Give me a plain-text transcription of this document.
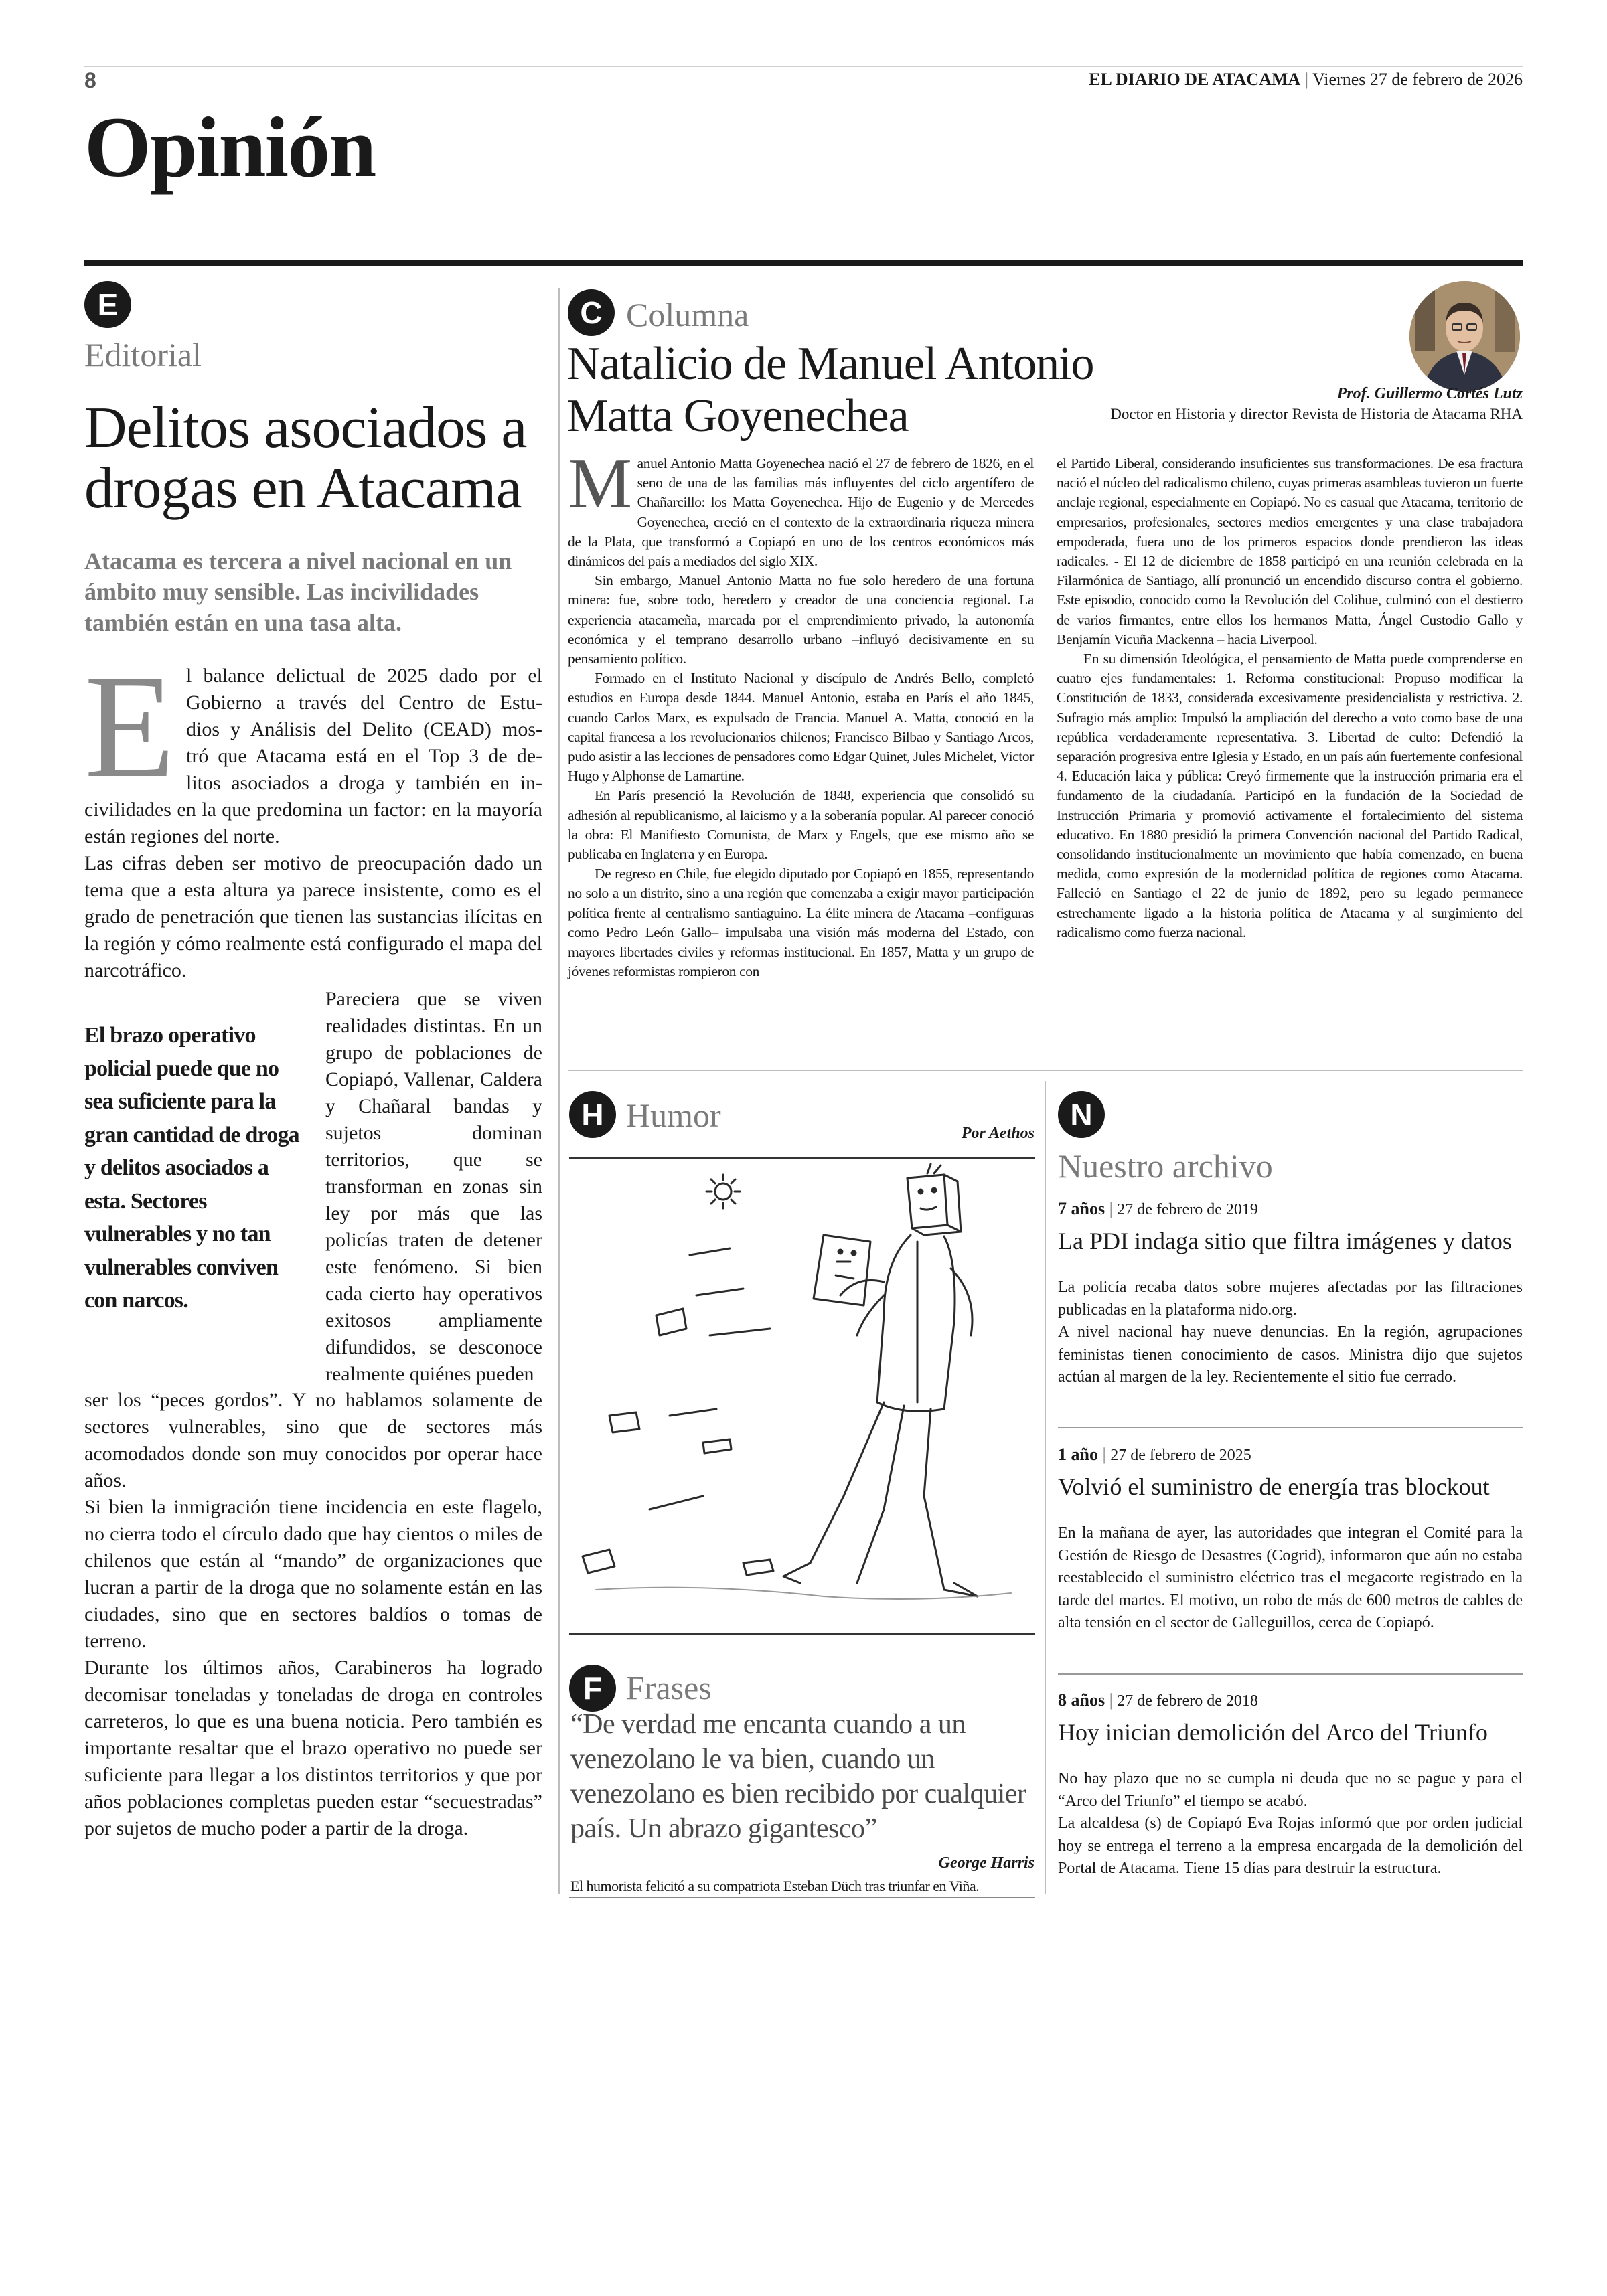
8	EL DIARIO DE ATACAMA | Viernes 27 de febrero de 2026
Opinión
E
Editorial
Delitos asociados a
drogas en Atacama
Atacama es tercera a nivel nacional en un ámbito muy sensible. Las incivilidades también están en una tasa alta.
E l balance delictual de 2025 dado por el
Gobierno a través del Centro de Estu-
dios y Análisis del Delito (CEAD) mos-
tró que Atacama está en el Top 3 de de-
litos asociados a droga y también en in-

civilidades en la que predomina un factor: en la mayoría están regiones del norte.

Las cifras deben ser motivo de preocupación dado un tema que a esta altura ya parece insistente, como es el grado de penetración que tienen las sustancias ilícitas en la región y cómo realmente está configurado el mapa del narcotráfico.

El brazo operativo policial puede que no sea suficiente para la gran cantidad de droga y delitos asociados a esta. Sectores vulnerables y no tan vulnerables conviven con narcos.
Pareciera que se viven realidades distintas. En un grupo de poblaciones de Copiapó, Vallenar, Caldera y Chañaral bandas y sujetos dominan territorios, que se transforman en zonas sin ley por más que las policías traten de detener este fenómeno. Si bien cada cierto hay operativos exitosos ampliamente difundidos, se desconoce realmente quiénes pueden

ser los “peces gordos”. Y no hablamos solamente de sectores vulnerables, sino que de sectores más acomodados donde son muy conocidos por operar hace años.

Si bien la inmigración tiene incidencia en este flagelo, no cierra todo el círculo dado que hay cientos o miles de chilenos que están al “mando” de organizaciones que lucran a partir de la droga que no solamente están en las ciudades, sino que en sectores baldíos o tomas de terreno.

Durante los últimos años, Carabineros ha logrado decomisar toneladas y toneladas de droga en controles carreteros, lo que es una buena noticia. Pero también es importante resaltar que el brazo operativo no puede ser suficiente para llegar a los distintos territorios y que por años poblaciones completas pueden estar “secuestradas” por sujetos de mucho poder a partir de la droga.

C Columna
Natalicio de Manuel Antonio
Matta Goyenechea	Prof. Guillermo Cortés Lutz
Doctor en Historia y director Revista de Historia de Atacama RHA
M anuel Antonio Matta Goyenechea nació el 27 de febrero de 1826, en el seno de una de las familias más influyentes del ciclo argentífero de Chañarcillo: los Matta Goyenechea. Hijo de Eugenio y de Mercedes Goyenechea, creció en el contexto de la extraordinaria riqueza minera de la Plata, que transformó a Copiapó en uno de los centros económicos más dinámicos del país a mediados del siglo XIX.

Sin embargo, Manuel Antonio Matta no fue solo heredero de una fortuna minera: fue, sobre todo, heredero y creador de una conciencia regional. La experiencia atacameña, marcada por el emprendimiento privado, la autonomía económica y el temprano desarrollo urbano –influyó decisivamente en su pensamiento político.

Formado en el Instituto Nacional y discípulo de Andrés Bello, completó estudios en Europa desde 1844. Manuel Antonio, estaba en París el año 1845, cuando Carlos Marx, es expulsado de Francia. Manuel A. Matta, conoció en la capital francesa a los revolucionarios chilenos; Francisco Bilbao y Santiago Arcos, pudo asistir a las lecciones de pensadores como Edgar Quinet, Jules Michelet, Victor Hugo y Alphonse de Lamartine.

En París presenció la Revolución de 1848, experiencia que consolidó su adhesión al republicanismo, al laicismo y a la soberanía popular. Al parecer conoció la obra: El Manifiesto Comunista, de Marx y Engels, que ese mismo año se publicaba en Inglaterra y en Europa.

De regreso en Chile, fue elegido diputado por Copiapó en 1855, representando no solo a un distrito, sino a una región que comenzaba a exigir mayor participación política frente al centralismo santiaguino. La élite minera de Atacama –configuras como Pedro León Gallo– impulsaba una visión más moderna del Estado, con mayores libertades civiles y reformas institucional. En 1857, Matta y un grupo de jóvenes reformistas rompieron con

el Partido Liberal, considerando insuficientes sus transformaciones. De esa fractura nació el núcleo del radicalismo chileno, cuyas primeras asambleas tuvieron un fuerte anclaje regional, especialmente en Copiapó. No es casual que Atacama, territorio de empresarios, profesionales, sectores medios emergentes y una clase trabajadora empoderada, fuera uno de los primeros espacios donde prendieron las ideas radicales. - El 12 de diciembre de 1858 participó en una reunión celebrada en la Filarmónica de Santiago, allí pronunció un encendido discurso contra el gobierno. Este episodio, conocido como la Revolución del Colihue, culminó con el destierro de varios firmantes, entre ellos los hermanos Matta, Ángel Custodio Gallo y Benjamín Vicuña Mackenna – hacia Liverpool.

En su dimensión Ideológica, el pensamiento de Matta puede comprenderse en cuatro ejes fundamentales: 1. Reforma constitucional: Propuso modificar la Constitución de 1833, considerada excesivamente presidencialista y restrictiva. 2. Sufragio más amplio: Impulsó la ampliación del derecho a voto como base de una república verdaderamente representativa. 3. Libertad de culto: Defendió la separación progresiva entre Iglesia y Estado, en un país aún fuertemente confesional 4. Educación laica y pública: Creyó firmemente que la instrucción primaria era el fundamento de la ciudadanía. Participó en la fundación de la Sociedad de Instrucción Primaria y promovió activamente el fortalecimiento del sistema educativo. En 1880 presidió la primera Convención nacional del Partido Radical, consolidando institucionalmente un movimiento que había comenzado, en buena medida, como expresión de la modernidad política de regiones como Atacama. Falleció en Santiago el 22 de junio de 1892, pero su legado permanece estrechamente ligado a la historia política de Atacama y al surgimiento del radicalismo como fuerza nacional.

H Humor	Por Aethos
F Frases
“De verdad me encanta cuando a un venezolano le va bien, cuando un venezolano es bien recibido por cualquier país. Un abrazo gigantesco”
George Harris
El humorista felicitó a su compatriota Esteban Düch tras triunfar en Viña.
N
Nuestro archivo
7 años | 27 de febrero de 2019
La PDI indaga sitio que filtra imágenes y datos

La policía recaba datos sobre mujeres afectadas por las filtraciones publicadas en la plataforma nido.org.

A nivel nacional hay nueve denuncias. En la región, agrupaciones feministas tienen conocimiento de casos. Ministra dijo que sujetos actúan al margen de la ley. Recientemente el sitio fue cerrado.

1 año | 27 de febrero de 2025
Volvió el suministro de energía tras blockout

En la mañana de ayer, las autoridades que integran el Comité para la Gestión de Riesgo de Desastres (Cogrid), informaron que aún no estaba reestablecido el suministro eléctrico tras el megacorte registrado en la tarde del martes. El motivo, un robo de más de 600 metros de cables de alta tensión en el sector de Galleguillos, cerca de Copiapó.

8 años | 27 de febrero de 2018
Hoy inician demolición del Arco del Triunfo

No hay plazo que no se cumpla ni deuda que no se pague y para el “Arco del Triunfo” el tiempo se acabó.

La alcaldesa (s) de Copiapó Eva Rojas informó que por orden judicial hoy se entrega el terreno a la empresa encargada de la demolición del Portal de Atacama. Tiene 15 días para destruir la estructura.
